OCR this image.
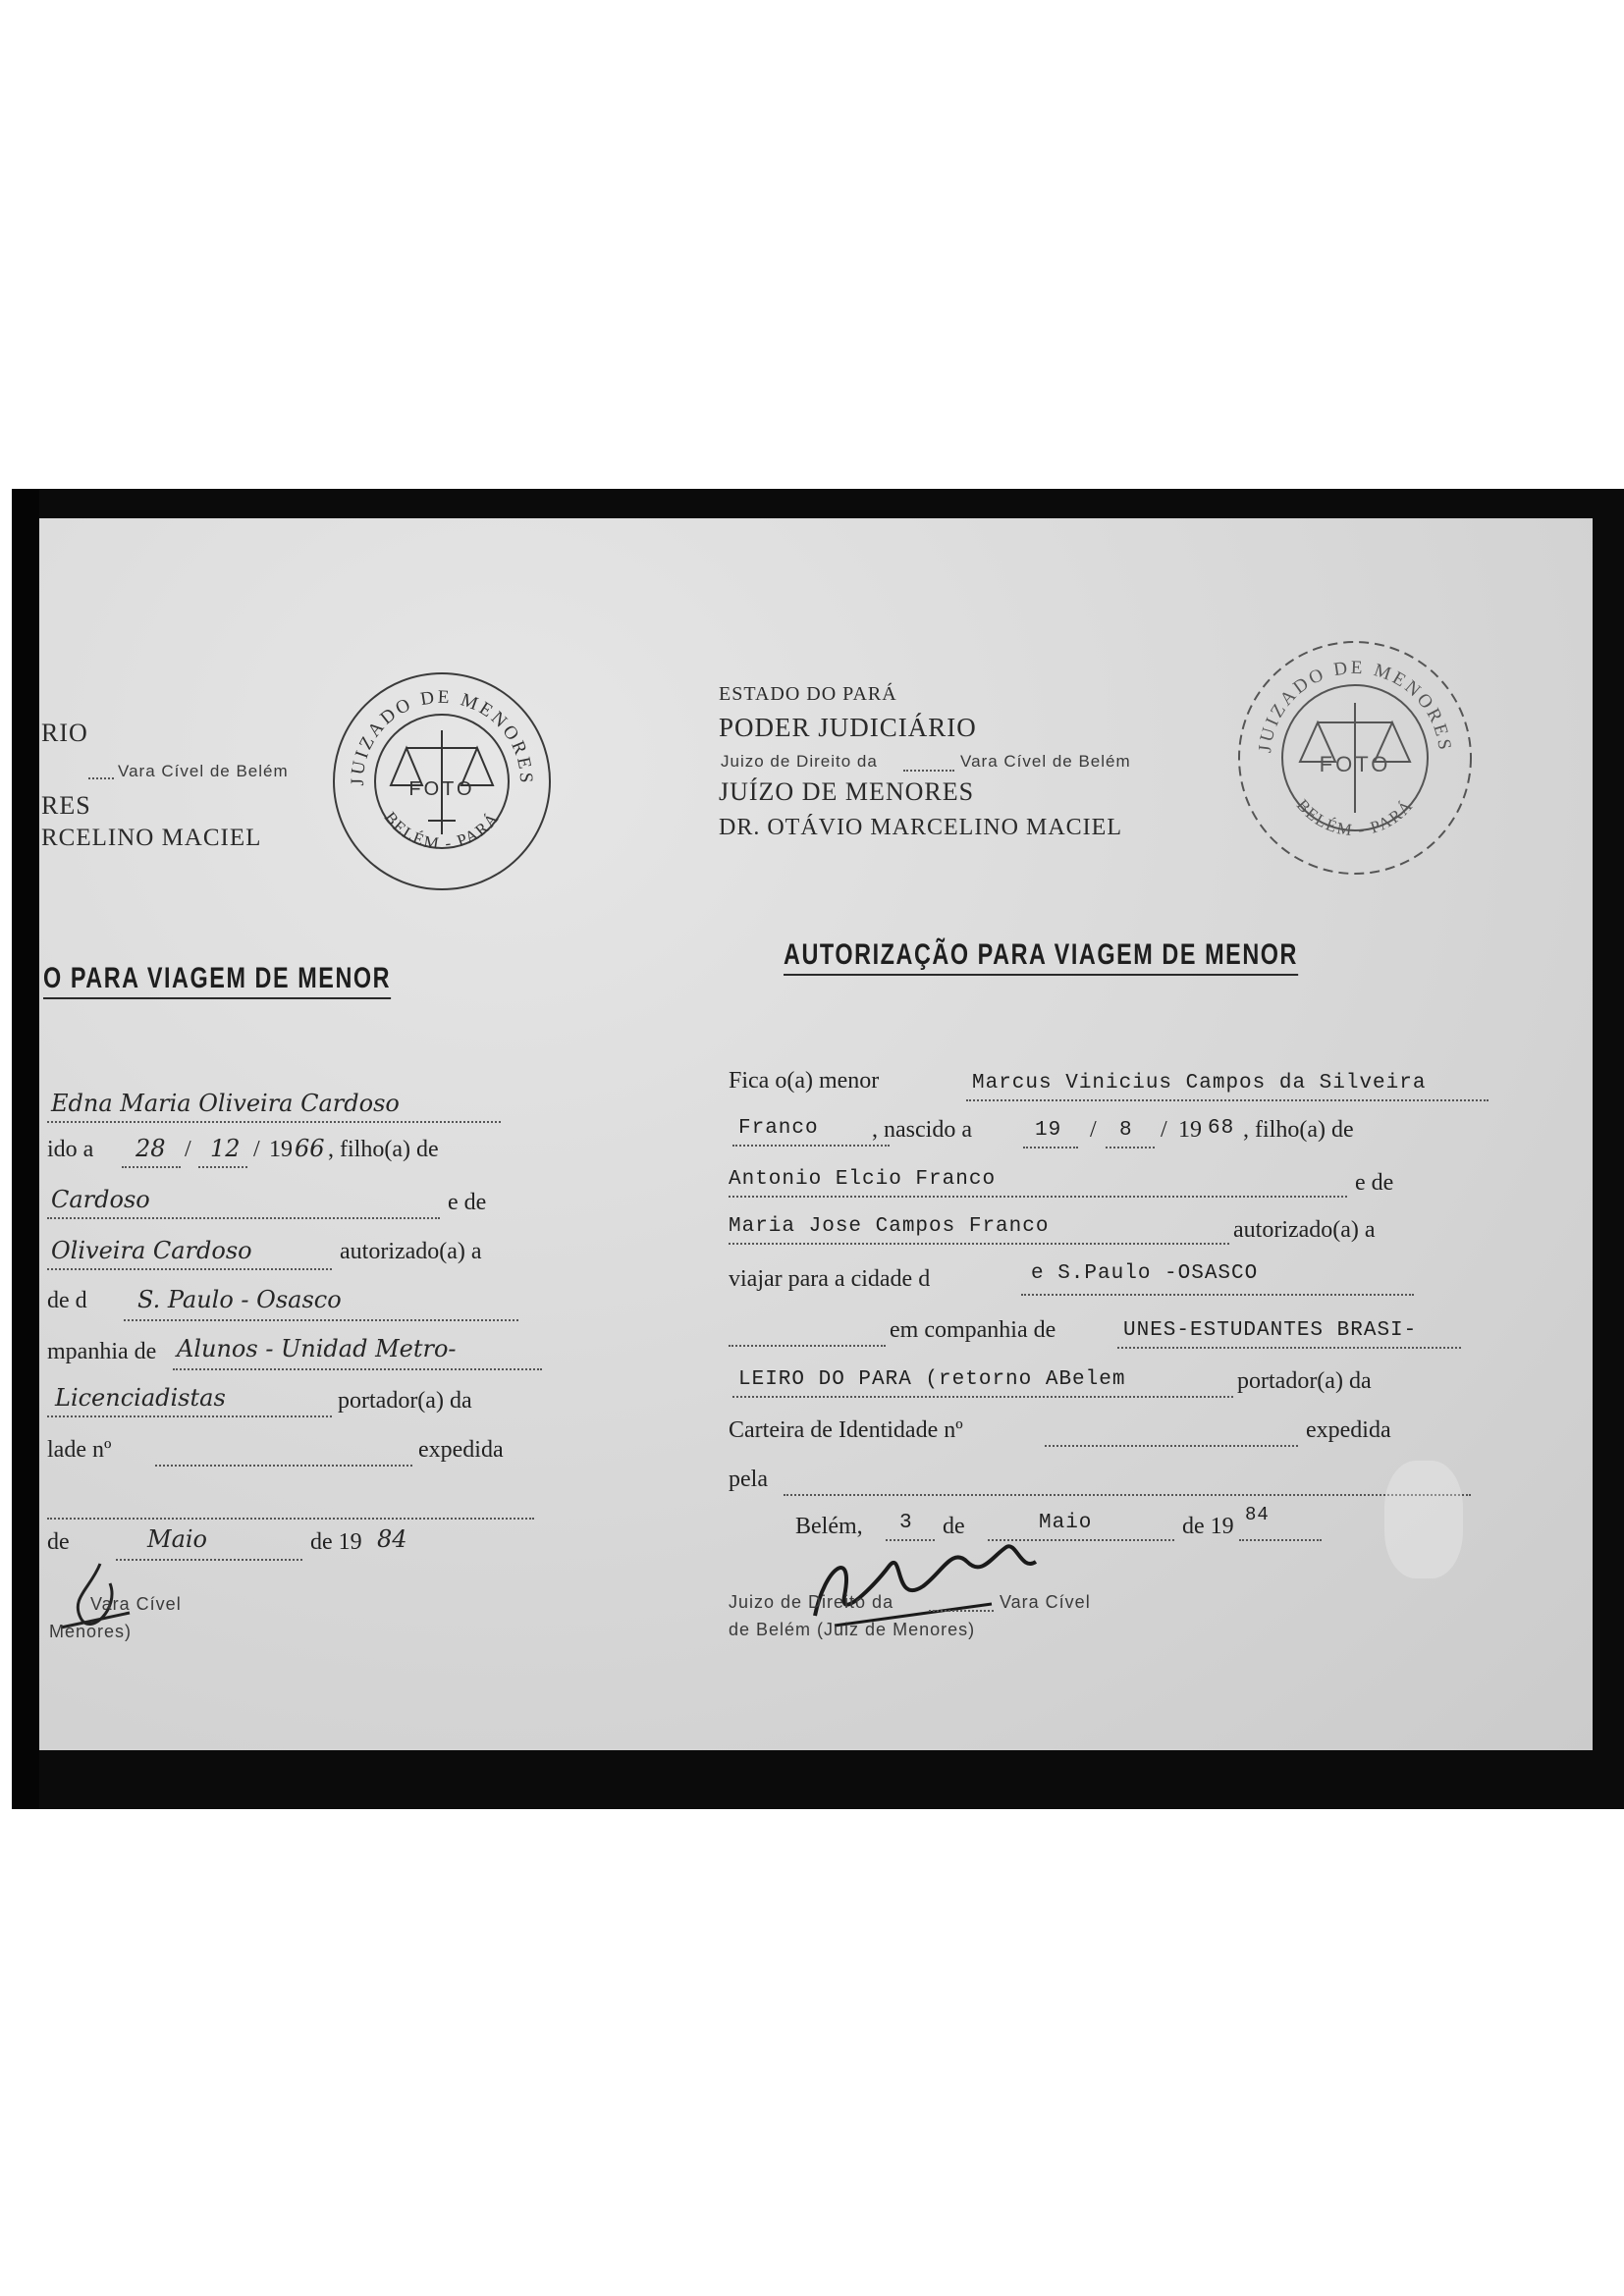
RIO
Vara Cível de Belém
RES
RCELINO MACIEL
JUIZADO DE MENORES
BELÉM - PARÁ
FOTO
O PARA VIAGEM DE MENOR
Edna Maria Oliveira Cardoso
ido a 28 / 12 / 19 66 , filho(a) de
Cardoso	e de
Oliveira Cardoso	autorizado(a) a
de d S. Paulo - Osasco
mpanhia de Alunos - Unidad Metro-
Licenciadistas	portador(a) da
lade nº	expedida
de	Maio	de 19 84
Vara Cível
Menores)
ESTADO DO PARÁ
PODER JUDICIÁRIO
Juizo de Direito da	Vara Cível de Belém
JUÍZO DE MENORES
DR. OTÁVIO MARCELINO MACIEL
JUIZADO DE MENORES
BELÉM - PARÁ
FOTO
AUTORIZAÇÃO PARA VIAGEM DE MENOR
Fica o(a) menor	Marcus Vinicius Campos da Silveira
Franco , nascido a	19 / 8 / 19 68 , filho(a) de
Antonio Elcio Franco	e de
Maria Jose Campos Franco	autorizado(a) a
viajar para a cidade d	e S.Paulo -OSASCO
em companhia de	UNES-ESTUDANTES BRASI-
LEIRO DO PARA (retorno ABelem	portador(a) da
Carteira de Identidade nº	expedida
pela
Belém, 3 de	Maio	de 19 84
Juizo de Direito da	Vara Cível
de Belém (Juiz de Menores)
